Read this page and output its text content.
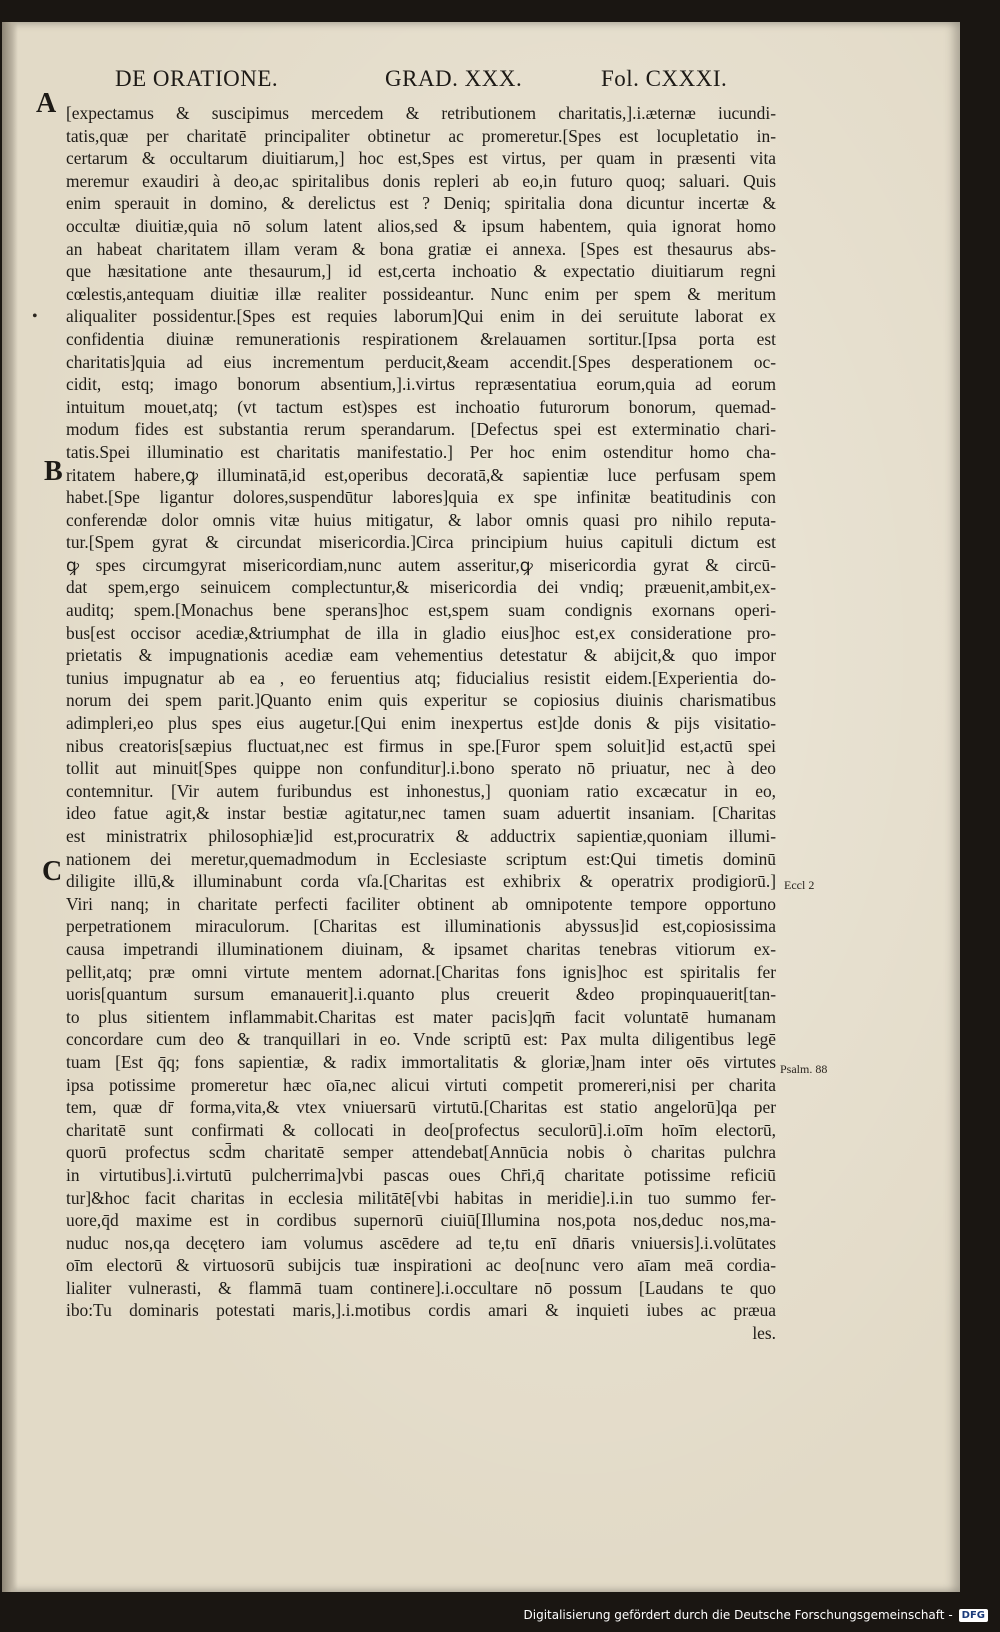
DE ORATIONE.	GRAD. XXX.	Fol. CXXXI.
A
B
C
•
Eccl 2
Psalm. 88
[expectamus & suscipimus mercedem & retributionem charitatis,].i.æternæ iucundi-
tatis,quæ per charitatē principaliter obtinetur ac promeretur.[Spes est locupletatio in-
certarum & occultarum diuitiarum,] hoc est,Spes est virtus, per quam in præsenti vita
meremur exaudiri à deo,ac spiritalibus donis repleri ab eo,in futuro quoq; saluari. Quis
enim sperauit in domino, & derelictus est ? Deniq; spiritalia dona dicuntur incertæ &
occultæ diuitiæ,quia nō solum latent alios,sed & ipsum habentem, quia ignorat homo
an habeat charitatem illam veram & bona gratiæ ei annexa. [Spes est thesaurus abs-
que hæsitatione ante thesaurum,] id est,certa inchoatio & expectatio diuitiarum regni
cœlestis,antequam diuitiæ illæ realiter possideantur. Nunc enim per spem & meritum
aliqualiter possidentur.[Spes est requies laborum]Qui enim in dei seruitute laborat ex
confidentia diuinæ remunerationis respirationem &relauamen sortitur.[Ipsa porta est
charitatis]quia ad eius incrementum perducit,&eam accendit.[Spes desperationem oc-
cidit, estq; imago bonorum absentium,].i.virtus repræsentatiua eorum,quia ad eorum
intuitum mouet,atq; (vt tactum est)spes est inchoatio futurorum bonorum, quemad-
modum fides est substantia rerum sperandarum. [Defectus spei est exterminatio chari-
tatis.Spei illuminatio est charitatis manifestatio.] Per hoc enim ostenditur homo cha-
ritatem habere,ꝙ illuminatā,id est,operibus decoratā,& sapientiæ luce perfusam spem
habet.[Spe ligantur dolores,suspendūtur labores]quia ex spe infinitæ beatitudinis con
conferendæ dolor omnis vitæ huius mitigatur, & labor omnis quasi pro nihilo reputa-
tur.[Spem gyrat & circundat misericordia.]Circa principium huius capituli dictum est
ꝙ spes circumgyrat misericordiam,nunc autem asseritur,ꝙ misericordia gyrat & circū-
dat spem,ergo seinuicem complectuntur,& misericordia dei vndiq; præuenit,ambit,ex-
auditq; spem.[Monachus bene sperans]hoc est,spem suam condignis exornans operi-
bus[est occisor acediæ,&triumphat de illa in gladio eius]hoc est,ex consideratione pro-
prietatis & impugnationis acediæ eam vehementius detestatur & abijcit,& quo impor
tunius impugnatur ab ea , eo feruentius atq; fiducialius resistit eidem.[Experientia do-
norum dei spem parit.]Quanto enim quis experitur se copiosius diuinis charismatibus
adimpleri,eo plus spes eius augetur.[Qui enim inexpertus est]de donis & pijs visitatio-
nibus creatoris[sæpius fluctuat,nec est firmus in spe.[Furor spem soluit]id est,actū spei
tollit aut minuit[Spes quippe non confunditur].i.bono sperato nō priuatur, nec à deo
contemnitur. [Vir autem furibundus est inhonestus,] quoniam ratio excæcatur in eo,
ideo fatue agit,& instar bestiæ agitatur,nec tamen suam aduertit insaniam. [Charitas
est ministratrix philosophiæ]id est,procuratrix & adductrix sapientiæ,quoniam illumi-
nationem dei meretur,quemadmodum in Ecclesiaste scriptum est:Qui timetis dominū
diligite illū,& illuminabunt corda vſa.[Charitas est exhibrix & operatrix prodigiorū.]
Viri nanq; in charitate perfecti faciliter obtinent ab omnipotente tempore opportuno
perpetrationem miraculorum. [Charitas est illuminationis abyssus]id est,copiosissima
causa impetrandi illuminationem diuinam, & ipsamet charitas tenebras vitiorum ex-
pellit,atq; præ omni virtute mentem adornat.[Charitas fons ignis]hoc est spiritalis fer
uoris[quantum sursum emanauerit].i.quanto plus creuerit &deo propinquauerit[tan-
to plus sitientem inflammabit.Charitas est mater pacis]qm̄ facit voluntatē humanam
concordare cum deo & tranquillari in eo. Vnde scriptū est: Pax multa diligentibus legē
tuam [Est q̄q; fons sapientiæ, & radix immortalitatis & gloriæ,]nam inter oēs virtutes
ipsa potissime promeretur hæc oīa,nec alicui virtuti competit promereri,nisi per charita
tem, quæ dr̄ forma,vita,& vtex vniuersarū virtutū.[Charitas est statio angelorū]qa per
charitatē sunt confirmati & collocati in deo[profectus seculorū].i.oīm hoīm electorū,
quorū profectus scd̄m charitatē semper attendebat[Annūcia nobis ò charitas pulchra
in virtutibus].i.virtutū pulcherrima]vbi pascas oues Chr̄i,q̄ charitate potissime reficiū
tur]&hoc facit charitas in ecclesia militātē[vbi habitas in meridie].i.in tuo summo fer-
uore,q̄d maxime est in cordibus supernorū ciuiū[Illumina nos,pota nos,deduc nos,ma-
nuduc nos,qa decętero iam volumus ascēdere ad te,tu enī dn̄aris vniuersis].i.volūtates
oīm electorū & virtuosorū subijcis tuæ inspirationi ac deo[nunc vero aīam meā cordia-
lialiter vulnerasti, & flammā tuam continere].i.occultare nō possum [Laudans te quo
ibo:Tu dominaris potestati maris,].i.motibus cordis amari & inquieti iubes ac præua
les.
Digitalisierung gefördert durch die Deutsche Forschungsgemeinschaft - DFG
